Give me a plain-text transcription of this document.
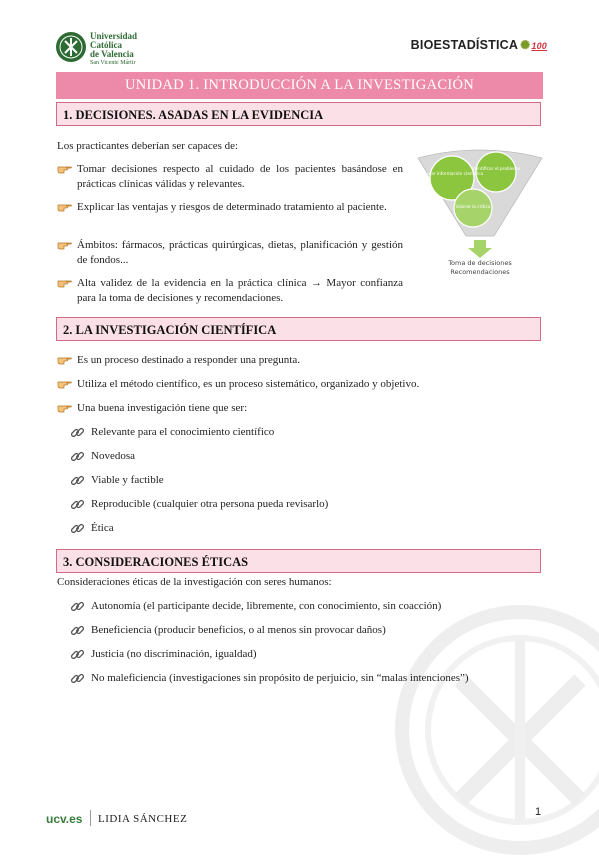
Universidad
Católica
de Valencia
San Vicente Mártir
BIOESTADÍSTICA ✺100
UNIDAD 1. INTRODUCCIÓN A LA INVESTIGACIÓN
1. DECISIONES. ASADAS EN LA EVIDENCIA
Los practicantes deberían ser capaces de:
Tomar decisiones respecto al cuidado de los pacientes basándose en prácticas clínicas válidas y relevantes.
Explicar las ventajas y riesgos de determinado tratamiento al paciente.
Ámbitos: fármacos, prácticas quirúrgicas, dietas, planificación y gestión de fondos...
Alta validez de la evidencia en la práctica clínica → Mayor confianza para la toma de decisiones y recomendaciones.
Buscar información científica
Identificar el problema
Valorar la crítica
Toma de decisiones
Recomendaciones
2. LA INVESTIGACIÓN CIENTÍFICA
Es un proceso destinado a responder una pregunta.
Utiliza el método científico, es un proceso sistemático, organizado y objetivo.
Una buena investigación tiene que ser:
Relevante para el conocimiento científico
Novedosa
Viable y factible
Reproducible (cualquier otra persona pueda revisarlo)
Ética
3. CONSIDERACIONES ÉTICAS
Consideraciones éticas de la investigación con seres humanos:
Autonomía (el participante decide, libremente, con conocimiento, sin coacción)
Beneficiencia (producir beneficios, o al menos sin provocar daños)
Justicia (no discriminación, igualdad)
No maleficiencia (investigaciones sin propósito de perjuicio, sin “malas intenciones”)
ucv.es LIDIA SÁNCHEZ
1
